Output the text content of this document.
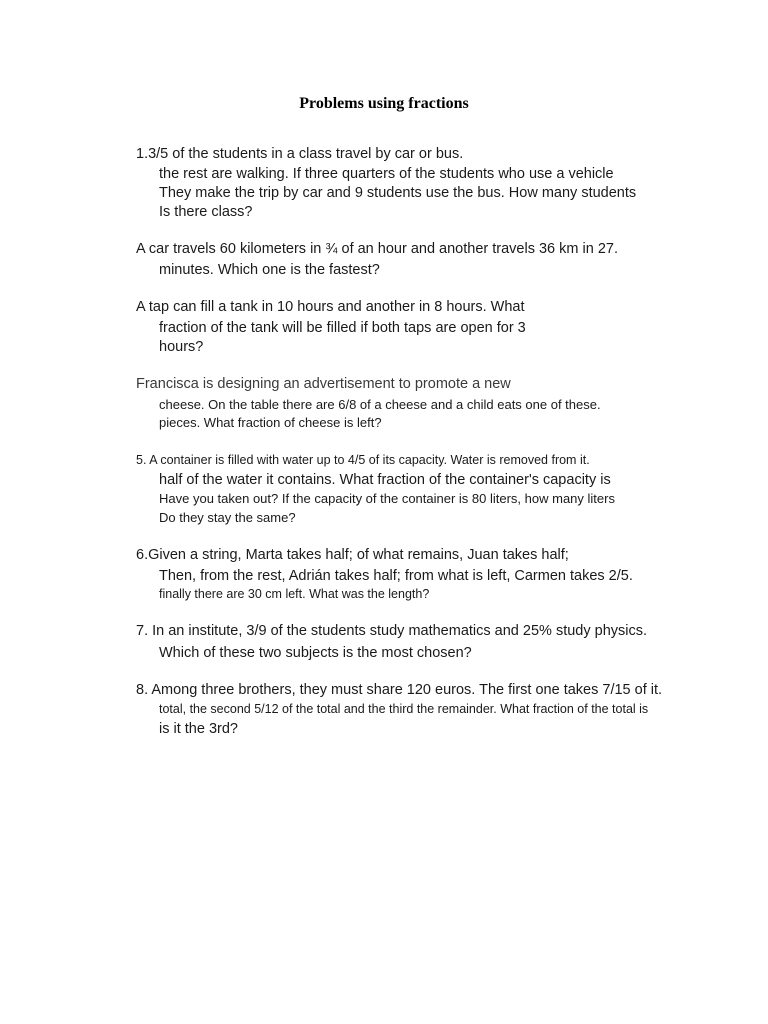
Problems using fractions
1.3/5 of the students in a class travel by car or bus.
the rest are walking. If three quarters of the students who use a vehicle
They make the trip by car and 9 students use the bus. How many students
Is there class?
A car travels 60 kilometers in ¾ of an hour and another travels 36 km in 27.
minutes. Which one is the fastest?
A tap can fill a tank in 10 hours and another in 8 hours. What
fraction of the tank will be filled if both taps are open for 3
hours?
Francisca is designing an advertisement to promote a new
cheese. On the table there are 6/8 of a cheese and a child eats one of these.
pieces. What fraction of cheese is left?
5. A container is filled with water up to 4/5 of its capacity. Water is removed from it.
half of the water it contains. What fraction of the container's capacity is
Have you taken out? If the capacity of the container is 80 liters, how many liters
Do they stay the same?
6.Given a string, Marta takes half; of what remains, Juan takes half;
Then, from the rest, Adrián takes half; from what is left, Carmen takes 2/5.
finally there are 30 cm left. What was the length?
7. In an institute, 3/9 of the students study mathematics and 25% study physics.
Which of these two subjects is the most chosen?
8. Among three brothers, they must share 120 euros. The first one takes 7/15 of it.
total, the second 5/12 of the total and the third the remainder. What fraction of the total is
is it the 3rd?
